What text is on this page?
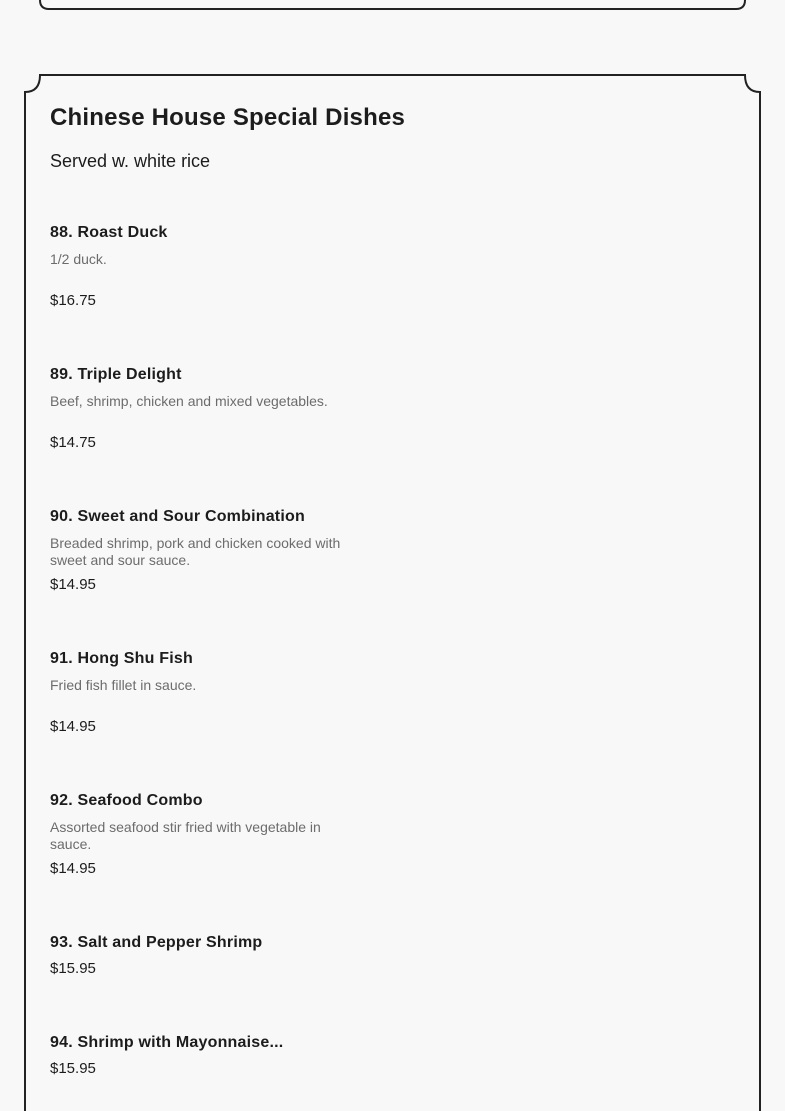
Chinese House Special Dishes
Served w. white rice
88. Roast Duck
1/2 duck.
$16.75
89. Triple Delight
Beef, shrimp, chicken and mixed vegetables.
$14.75
90. Sweet and Sour Combination
Breaded shrimp, pork and chicken cooked with sweet and sour sauce.
$14.95
91. Hong Shu Fish
Fried fish fillet in sauce.
$14.95
92. Seafood Combo
Assorted seafood stir fried with vegetable in sauce.
$14.95
93. Salt and Pepper Shrimp
$15.95
94. Shrimp with Mayonnaise...
$15.95
